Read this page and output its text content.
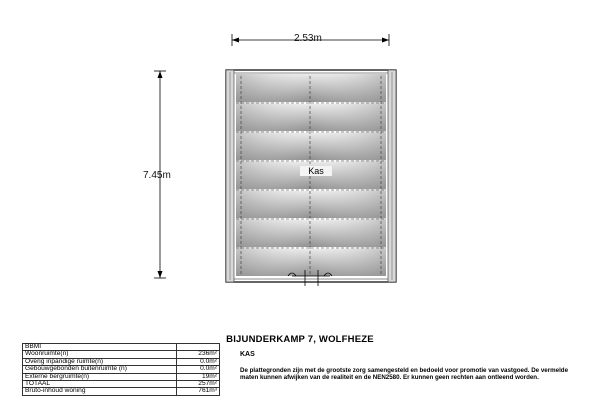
2.53m
7.45m	Kas
BIJUNDERKAMP 7, WOLFHEZE
BBMI	
Woonruimte(n)	236m²
Overig inpandige ruimte(n)	0.0m²
Gebouwgebonden buitenruimte (n)	0.0m²
Externe bergruimte(n)	19m²
TOTAAL	257m²
Bruto-inhoud woning	761m³
KAS
De plattegronden zijn met de grootste zorg samengesteld en bedoeld voor promotie van vastgoed. De vermelde maten kunnen afwijken van de realiteit en de NEN2580. Er kunnen geen rechten aan ontleend worden.
